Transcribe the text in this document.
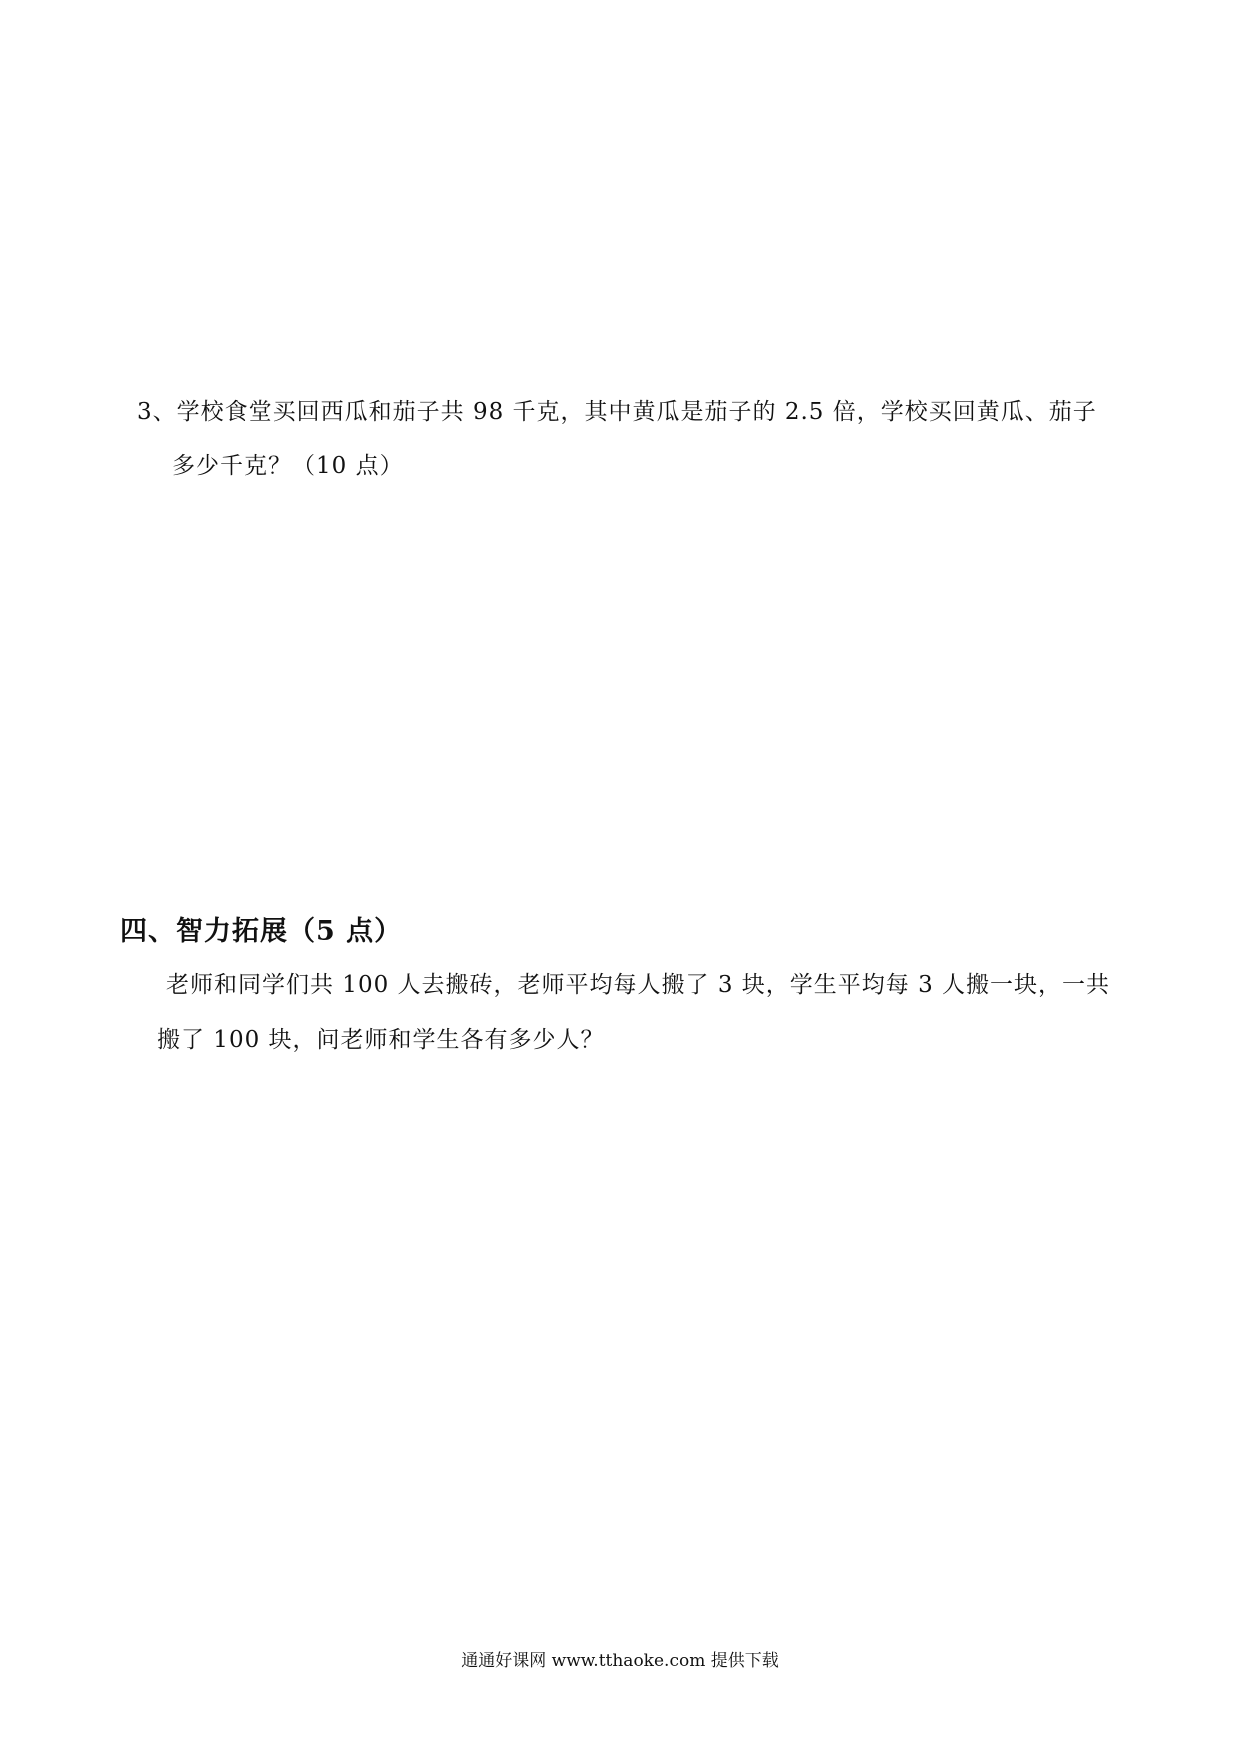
3、学校食堂买回西瓜和茄子共 98 千克，其中黄瓜是茄子的 2.5 倍，学校买回黄瓜、茄子
多少千克？（10 点）
四、智力拓展（5 点）
老师和同学们共 100 人去搬砖，老师平均每人搬了 3 块，学生平均每 3 人搬一块，一共
搬了 100 块，问老师和学生各有多少人？
通通好课网 www.tthaoke.com 提供下载
